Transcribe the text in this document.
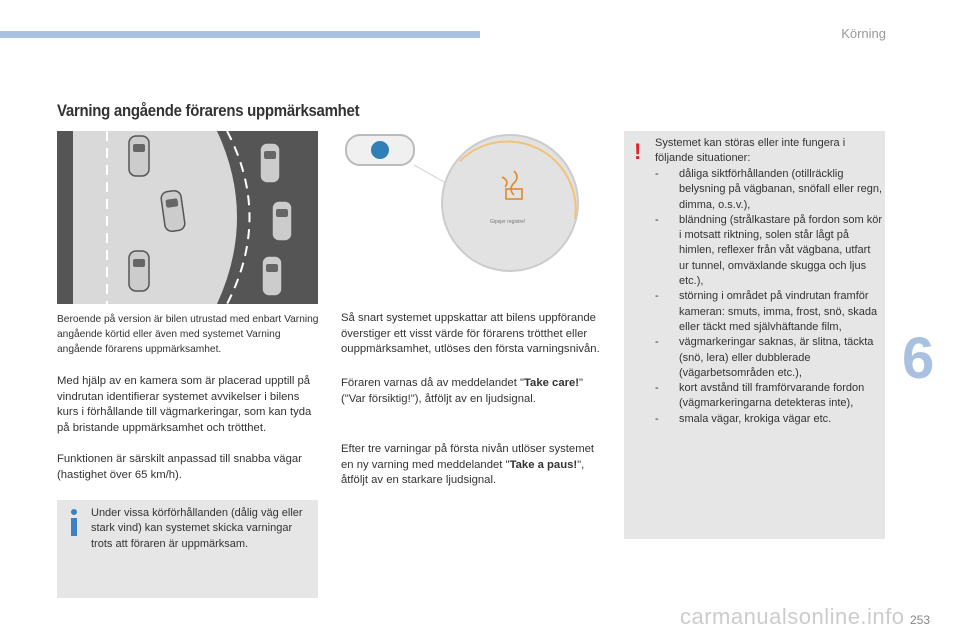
Körning
6
253
Varning angående förarens uppmärksamhet
Gipsjer registre!
Beroende på version är bilen utrustad med enbart Varning angående körtid eller även med systemet Varning angående förarens uppmärksamhet.
Med hjälp av en kamera som är placerad upptill på vindrutan identifierar systemet avvikelser i bilens kurs i förhållande till vägmarkeringar, som kan tyda på bristande uppmärksamhet och trötthet.
Funktionen är särskilt anpassad till snabba vägar (hastighet över 65 km/h).
Under vissa körförhållanden (dålig väg eller stark vind) kan systemet skicka varningar trots att föraren är uppmärksam.
Så snart systemet uppskattar att bilens uppförande överstiger ett visst värde för förarens trötthet eller ouppmärksamhet, utlöses den första varningsnivån.
Föraren varnas då av meddelandet "Take care!" ("Var försiktig!"), åtföljt av en ljudsignal.
Efter tre varningar på första nivån utlöser systemet en ny varning med meddelandet "Take a paus!", åtföljt av en starkare ljudsignal.
! Systemet kan störas eller inte fungera i följande situationer:
- dåliga siktförhållanden (otillräcklig belysning på vägbanan, snöfall eller regn, dimma, o.s.v.),
- bländning (strålkastare på fordon som kör i motsatt riktning, solen står lågt på himlen, reflexer från våt vägbana, utfart ur tunnel, omväxlande skugga och ljus etc.),
- störning i området på vindrutan framför kameran: smuts, imma, frost, snö, skada eller täckt med självhäftande film,
- vägmarkeringar saknas, är slitna, täckta (snö, lera) eller dubblerade (vägarbetsområden etc.),
- kort avstånd till framförvarande fordon (vägmarkeringarna detekteras inte),
- smala vägar, krokiga vägar etc.
carmanualsonline.info
